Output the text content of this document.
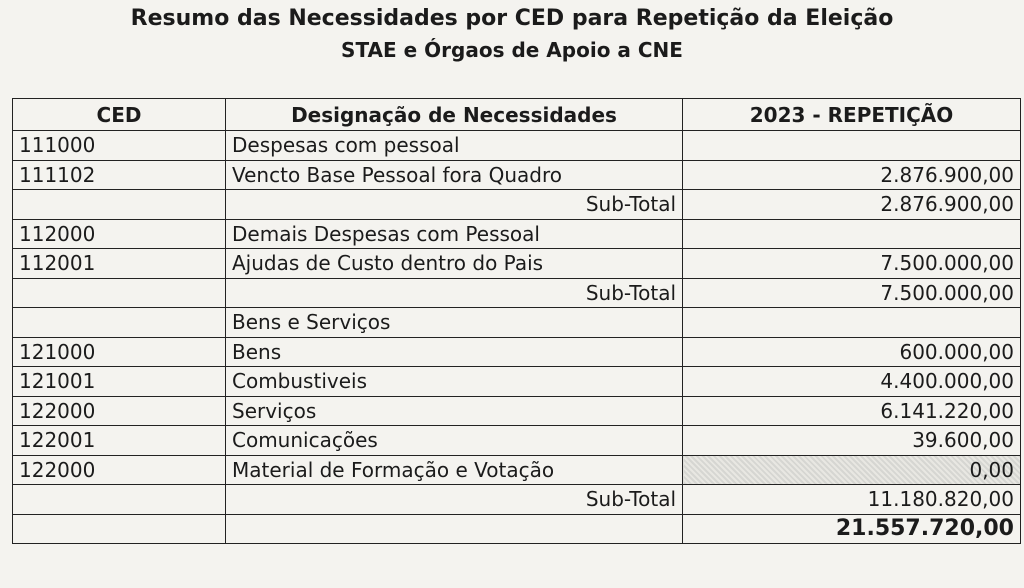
Resumo das Necessidades por CED para Repetição da Eleição
STAE e Órgaos de Apoio a CNE
CED	Designação de Necessidades	2023 - REPETIÇÃO
111000	Despesas com pessoal	
111102	Vencto Base Pessoal fora Quadro	2.876.900,00
	Sub-Total	2.876.900,00
112000	Demais Despesas com Pessoal	
112001	Ajudas de Custo dentro do Pais	7.500.000,00
	Sub-Total	7.500.000,00
	Bens e Serviços	
121000	Bens	600.000,00
121001	Combustiveis	4.400.000,00
122000	Serviços	6.141.220,00
122001	Comunicações	39.600,00
122000	Material de Formação e Votação	0,00
	Sub-Total	11.180.820,00
		21.557.720,00
